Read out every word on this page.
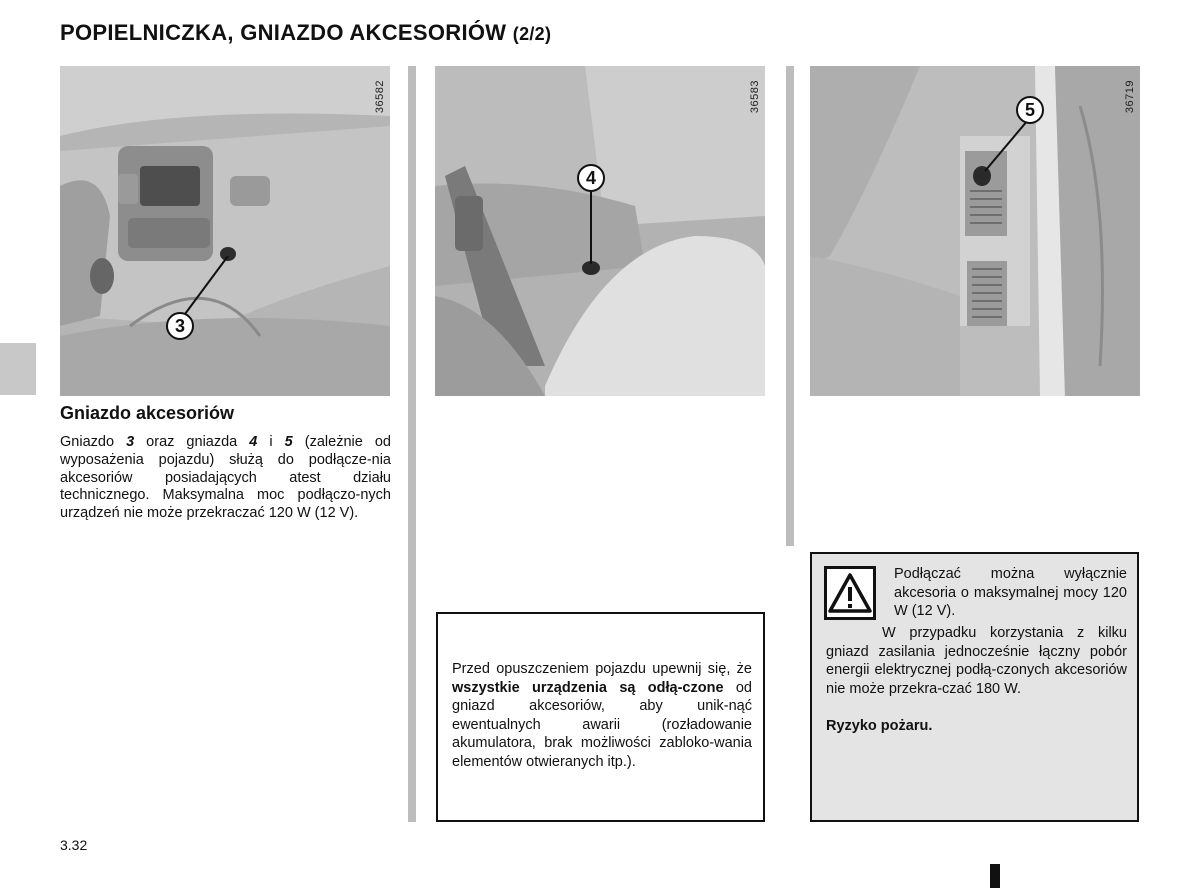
POPIELNICZKA, GNIAZDO AKCESORIÓW (2/2)
36582
3
36583
4
36719
5
Gniazdo akcesoriów
Gniazdo 3 oraz gniazda 4 i 5 (zależnie od wyposażenia pojazdu) służą do podłącze-nia akcesoriów posiadających atest działu technicznego. Maksymalna moc podłączo-nych urządzeń nie może przekraczać 120 W (12 V).
Przed opuszczeniem pojazdu upewnij się, że wszystkie urządzenia są odłą-czone od gniazd akcesoriów, aby unik-nąć ewentualnych awarii (rozładowanie akumulatora, brak możliwości zabloko-wania elementów otwieranych itp.).
Podłączać można wyłącznie akcesoria o maksymalnej mocy 120 W (12 V).
W przypadku korzystania z kilku gniazd zasilania jednocześnie łączny pobór energii elektrycznej podłą-czonych akcesoriów nie może przekra-czać 180 W.
Ryzyko pożaru.
3.32
